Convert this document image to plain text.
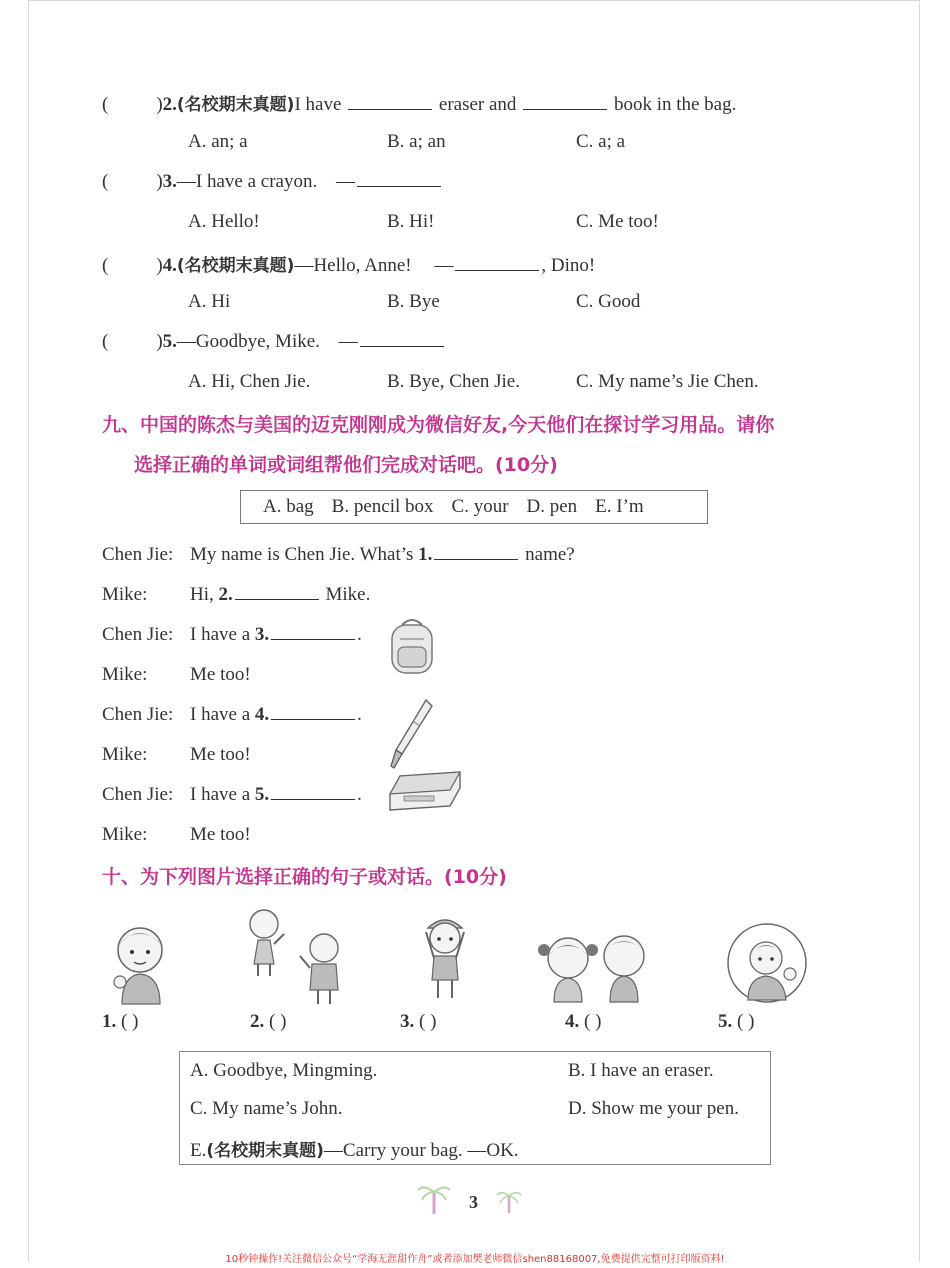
(	)2.(名校期末真题)I have	eraser and	book in the bag.
A. an; a	B. a; an	C. a; a
(	)3.—I have a crayon. —
A. Hello!	B. Hi!	C. Me too!
(	)4.(名校期末真题)—Hello, Anne! —	, Dino!
A. Hi	B. Bye	C. Good
(	)5.—Goodbye, Mike. —
A. Hi, Chen Jie.	B. Bye, Chen Jie.	C. My name’s Jie Chen.
九、中国的陈杰与美国的迈克刚刚成为微信好友,今天他们在探讨学习用品。请你
选择正确的单词或词组帮他们完成对话吧。(10分)
A. bag B. pencil box C. your D. pen E. I’m
Chen Jie: My name is Chen Jie. What’s 1.	name?
Mike: Hi, 2.	Mike.
Chen Jie: I have a 3.	.
Mike: Me too!
Chen Jie: I have a 4.	.
Mike: Me too!
Chen Jie: I have a 5.	.
Mike: Me too!
十、为下列图片选择正确的句子或对话。(10分)
1. ( )	2. ( )	3. ( )	4. ( )	5. ( )
A. Goodbye, Mingming.	B. I have an eraser.
C. My name’s John.	D. Show me your pen.
E.(名校期末真题)—Carry your bag. —OK.
3
10秒钟操作!关注微信公众号“学海无涯甜作舟”或者添加樊老师微信shen88168007,免费提供完整可打印版资料!
